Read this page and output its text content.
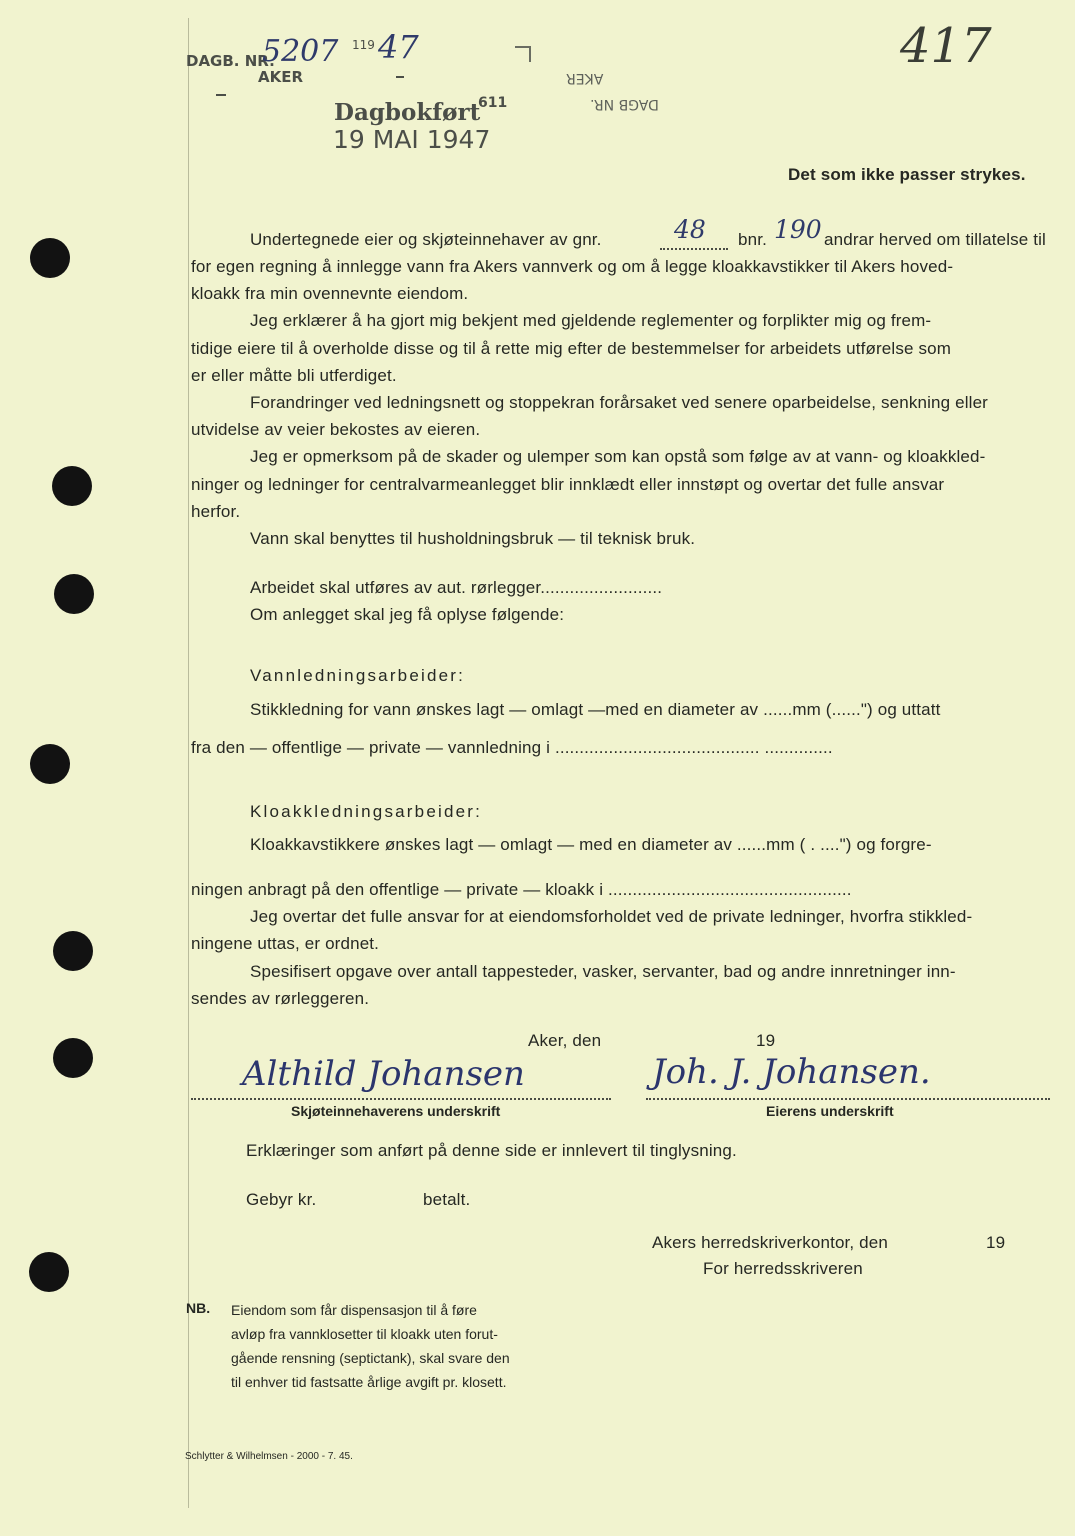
DAGB. NR.
5207 119 47
AKER	AKER
DAGB NR.
Dagbokført
611
19 MAI 1947
417
Det som ikke passer strykes.
Undertegnede eier og skjøteinnehaver av gnr.	48 bnr. 190 andrar herved om tillatelse til
for egen regning å innlegge vann fra Akers vannverk og om å legge kloakkavstikker til Akers hoved-
kloakk fra min ovennevnte eiendom.
Jeg erklærer å ha gjort mig bekjent med gjeldende reglementer og forplikter mig og frem-
tidige eiere til å overholde disse og til å rette mig efter de bestemmelser for arbeidets utførelse som
er eller måtte bli utferdiget.
Forandringer ved ledningsnett og stoppekran forårsaket ved senere oparbeidelse, senkning eller
utvidelse av veier bekostes av eieren.
Jeg er opmerksom på de skader og ulemper som kan opstå som følge av at vann- og kloakkled-
ninger og ledninger for centralvarmeanlegget blir innklædt eller innstøpt og overtar det fulle ansvar
herfor.
Vann skal benyttes til husholdningsbruk — til teknisk bruk.
Arbeidet skal utføres av aut. rørlegger.........................
Om anlegget skal jeg få oplyse følgende:
Vannledningsarbeider:
Stikkledning for vann ønskes lagt — omlagt —med en diameter av ......mm (......") og uttatt
fra den — offentlige — private — vannledning i .......................................... ..............
Kloakkledningsarbeider:
Kloakkavstikkere ønskes lagt — omlagt — med en diameter av ......mm ( . ....") og forgre-
ningen anbragt på den offentlige — private — kloakk i ..................................................
Jeg overtar det fulle ansvar for at eiendomsforholdet ved de private ledninger, hvorfra stikkled-
ningene uttas, er ordnet.
Spesifisert opgave over antall tappesteder, vasker, servanter, bad og andre innretninger inn-
sendes av rørleggeren.
Aker, den	19
Althild Johansen	Joh. J. Johansen.
Skjøteinnehaverens underskrift	Eierens underskrift
Erklæringer som anført på denne side er innlevert til tinglysning.
Gebyr kr.	betalt.
Akers herredskriverkontor, den	19
For herredsskriveren
NB. Eiendom som får dispensasjon til å føre
avløp fra vannklosetter til kloakk uten forut-
gående rensning (septictank), skal svare den
til enhver tid fastsatte årlige avgift pr. klosett.
Schlytter & Wilhelmsen - 2000 - 7. 45.
